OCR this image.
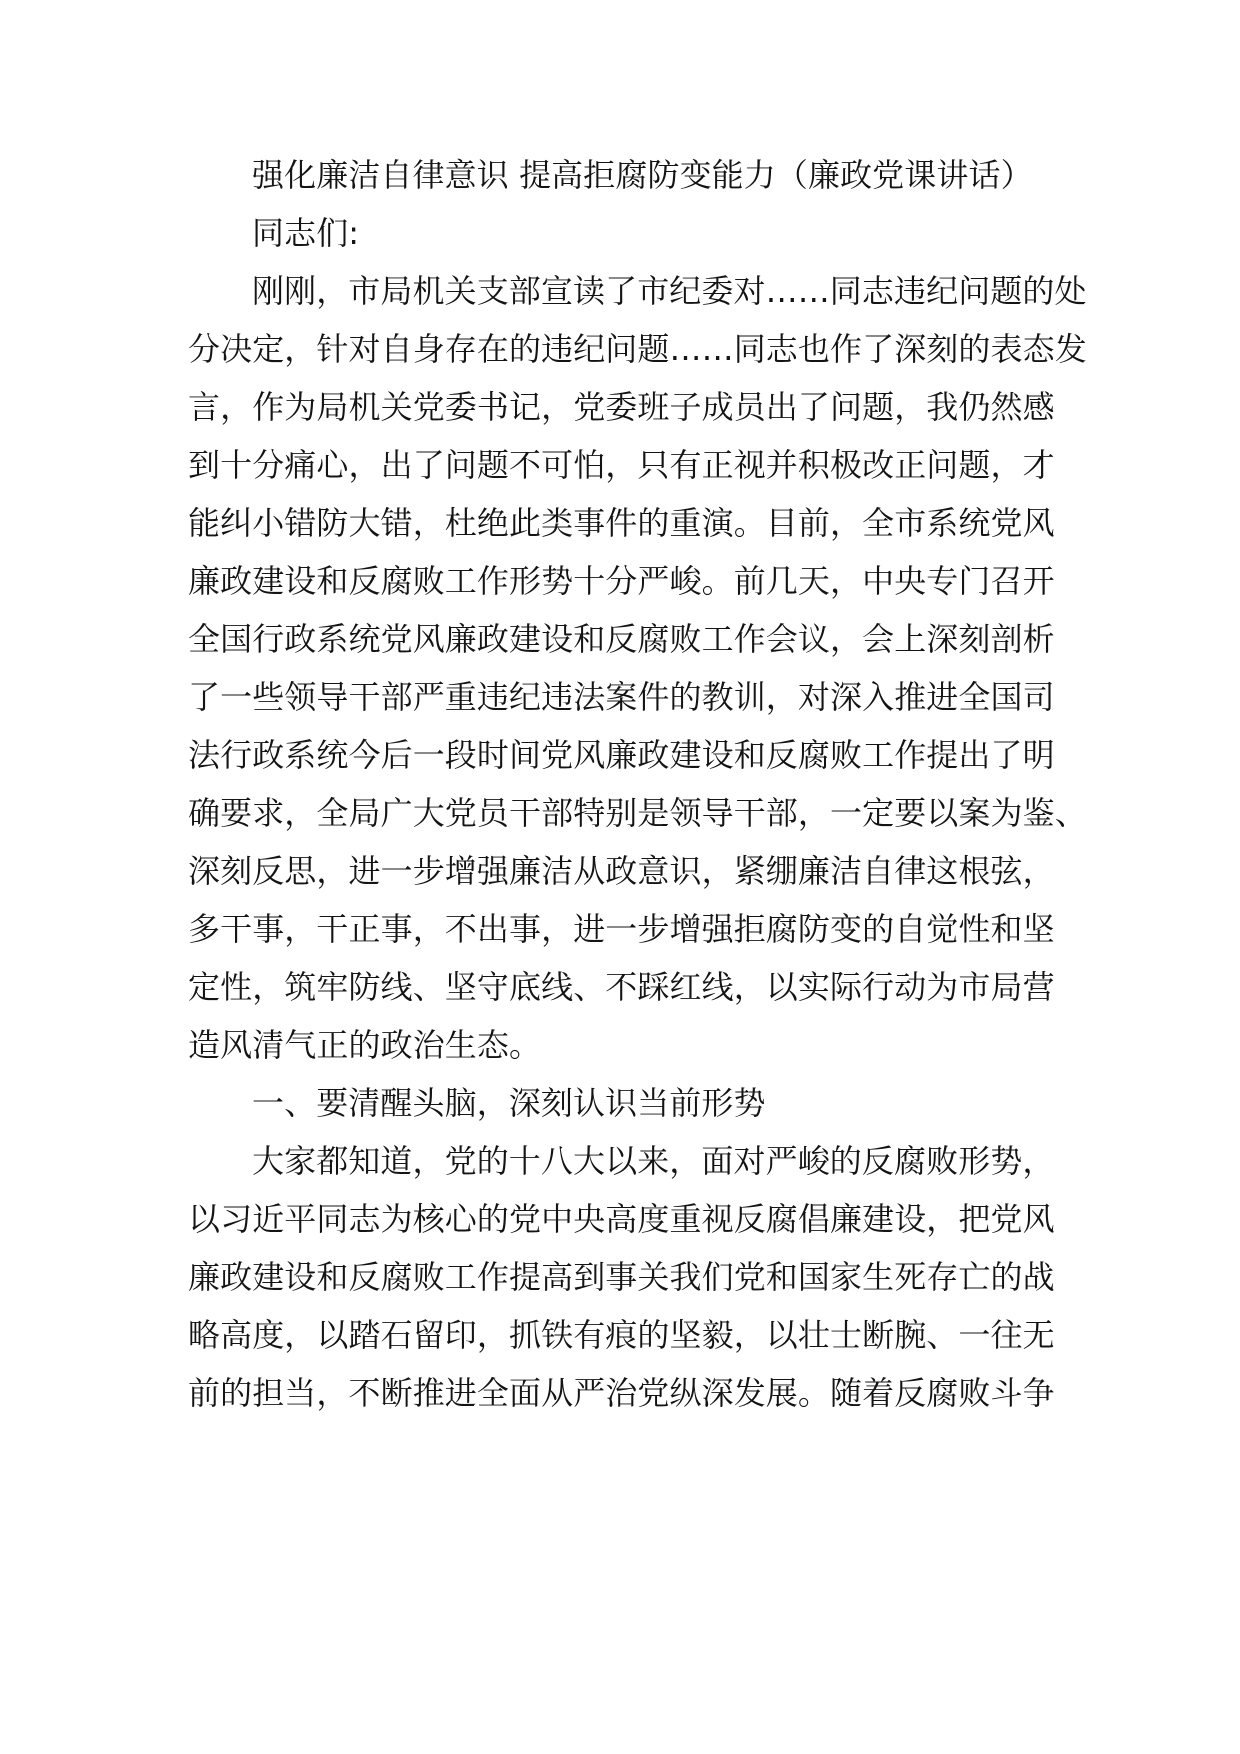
强化廉洁自律意识 提高拒腐防变能力（廉政党课讲话）
同志们:
刚刚，市局机关支部宣读了市纪委对……同志违纪问题的处
分决定，针对自身存在的违纪问题……同志也作了深刻的表态发
言，作为局机关党委书记，党委班子成员出了问题，我仍然感
到十分痛心，出了问题不可怕，只有正视并积极改正问题，才
能纠小错防大错，杜绝此类事件的重演。目前，全市系统党风
廉政建设和反腐败工作形势十分严峻。前几天，中央专门召开
全国行政系统党风廉政建设和反腐败工作会议，会上深刻剖析
了一些领导干部严重违纪违法案件的教训，对深入推进全国司
法行政系统今后一段时间党风廉政建设和反腐败工作提出了明
确要求，全局广大党员干部特别是领导干部，一定要以案为鉴、
深刻反思，进一步增强廉洁从政意识，紧绷廉洁自律这根弦，
多干事，干正事，不出事，进一步增强拒腐防变的自觉性和坚
定性，筑牢防线、坚守底线、不踩红线，以实际行动为市局营
造风清气正的政治生态。
一、要清醒头脑，深刻认识当前形势
大家都知道，党的十八大以来，面对严峻的反腐败形势，
以习近平同志为核心的党中央高度重视反腐倡廉建设，把党风
廉政建设和反腐败工作提高到事关我们党和国家生死存亡的战
略高度，以踏石留印，抓铁有痕的坚毅，以壮士断腕、一往无
前的担当，不断推进全面从严治党纵深发展。随着反腐败斗争
